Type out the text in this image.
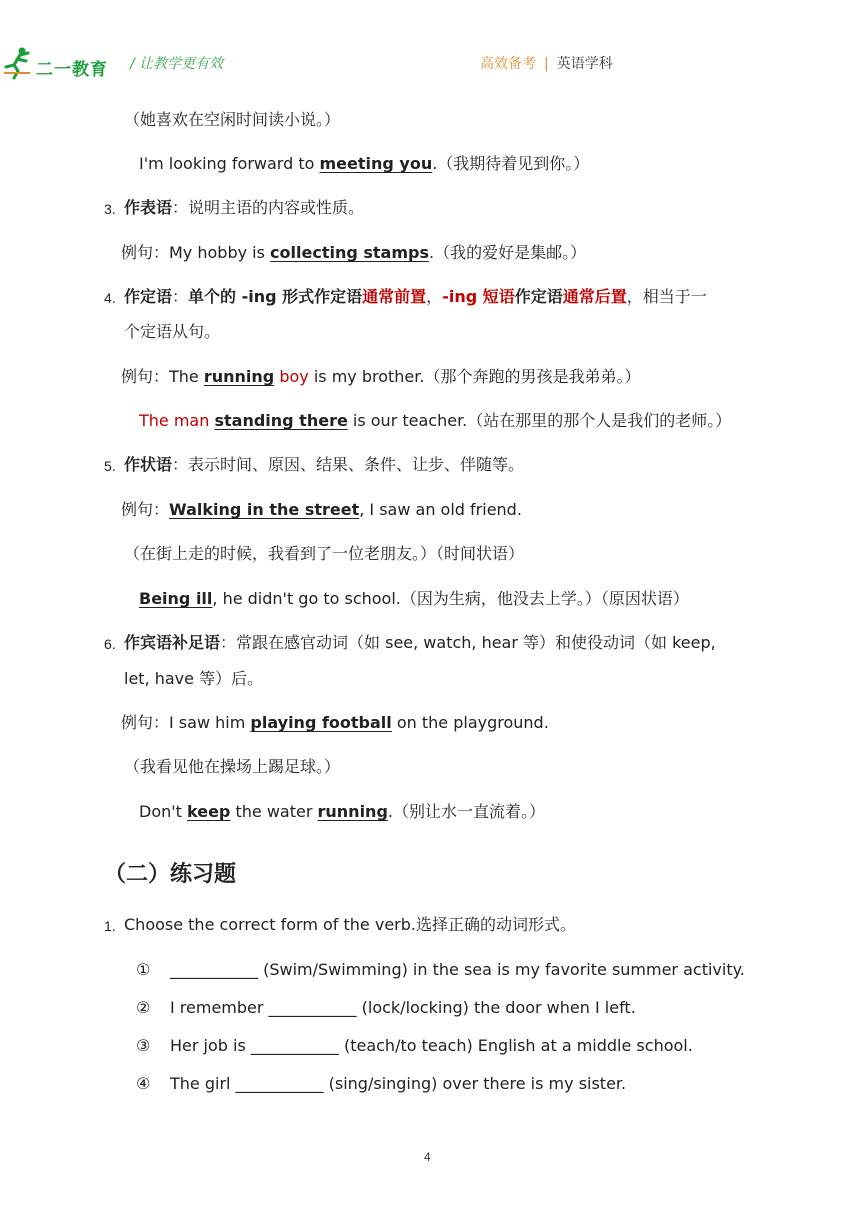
二一教育 / 让教学更有效	高效备考 | 英语学科
（她喜欢在空闲时间读小说。）
I'm looking forward to meeting you.（我期待着见到你。）
3. 作表语：说明主语的内容或性质。
例句：My hobby is collecting stamps.（我的爱好是集邮。）
4. 作定语：单个的 -ing 形式作定语通常前置，-ing 短语作定语通常后置，相当于一
个定语从句。
例句：The running boy is my brother.（那个奔跑的男孩是我弟弟。）
The man standing there is our teacher.（站在那里的那个人是我们的老师。）
5. 作状语：表示时间、原因、结果、条件、让步、伴随等。
例句：Walking in the street, I saw an old friend.
（在街上走的时候，我看到了一位老朋友。）（时间状语）
Being ill, he didn't go to school.（因为生病，他没去上学。）（原因状语）
6. 作宾语补足语：常跟在感官动词（如 see, watch, hear 等）和使役动词（如 keep,
let, have 等）后。
例句：I saw him playing football on the playground.
（我看见他在操场上踢足球。）
Don't keep the water running.（别让水一直流着。）
（二）练习题
1. Choose the correct form of the verb.选择正确的动词形式。
① ___________ (Swim/Swimming) in the sea is my favorite summer activity.
② I remember ___________ (lock/locking) the door when I left.
③ Her job is ___________ (teach/to teach) English at a middle school.
④ The girl ___________ (sing/singing) over there is my sister.
4
